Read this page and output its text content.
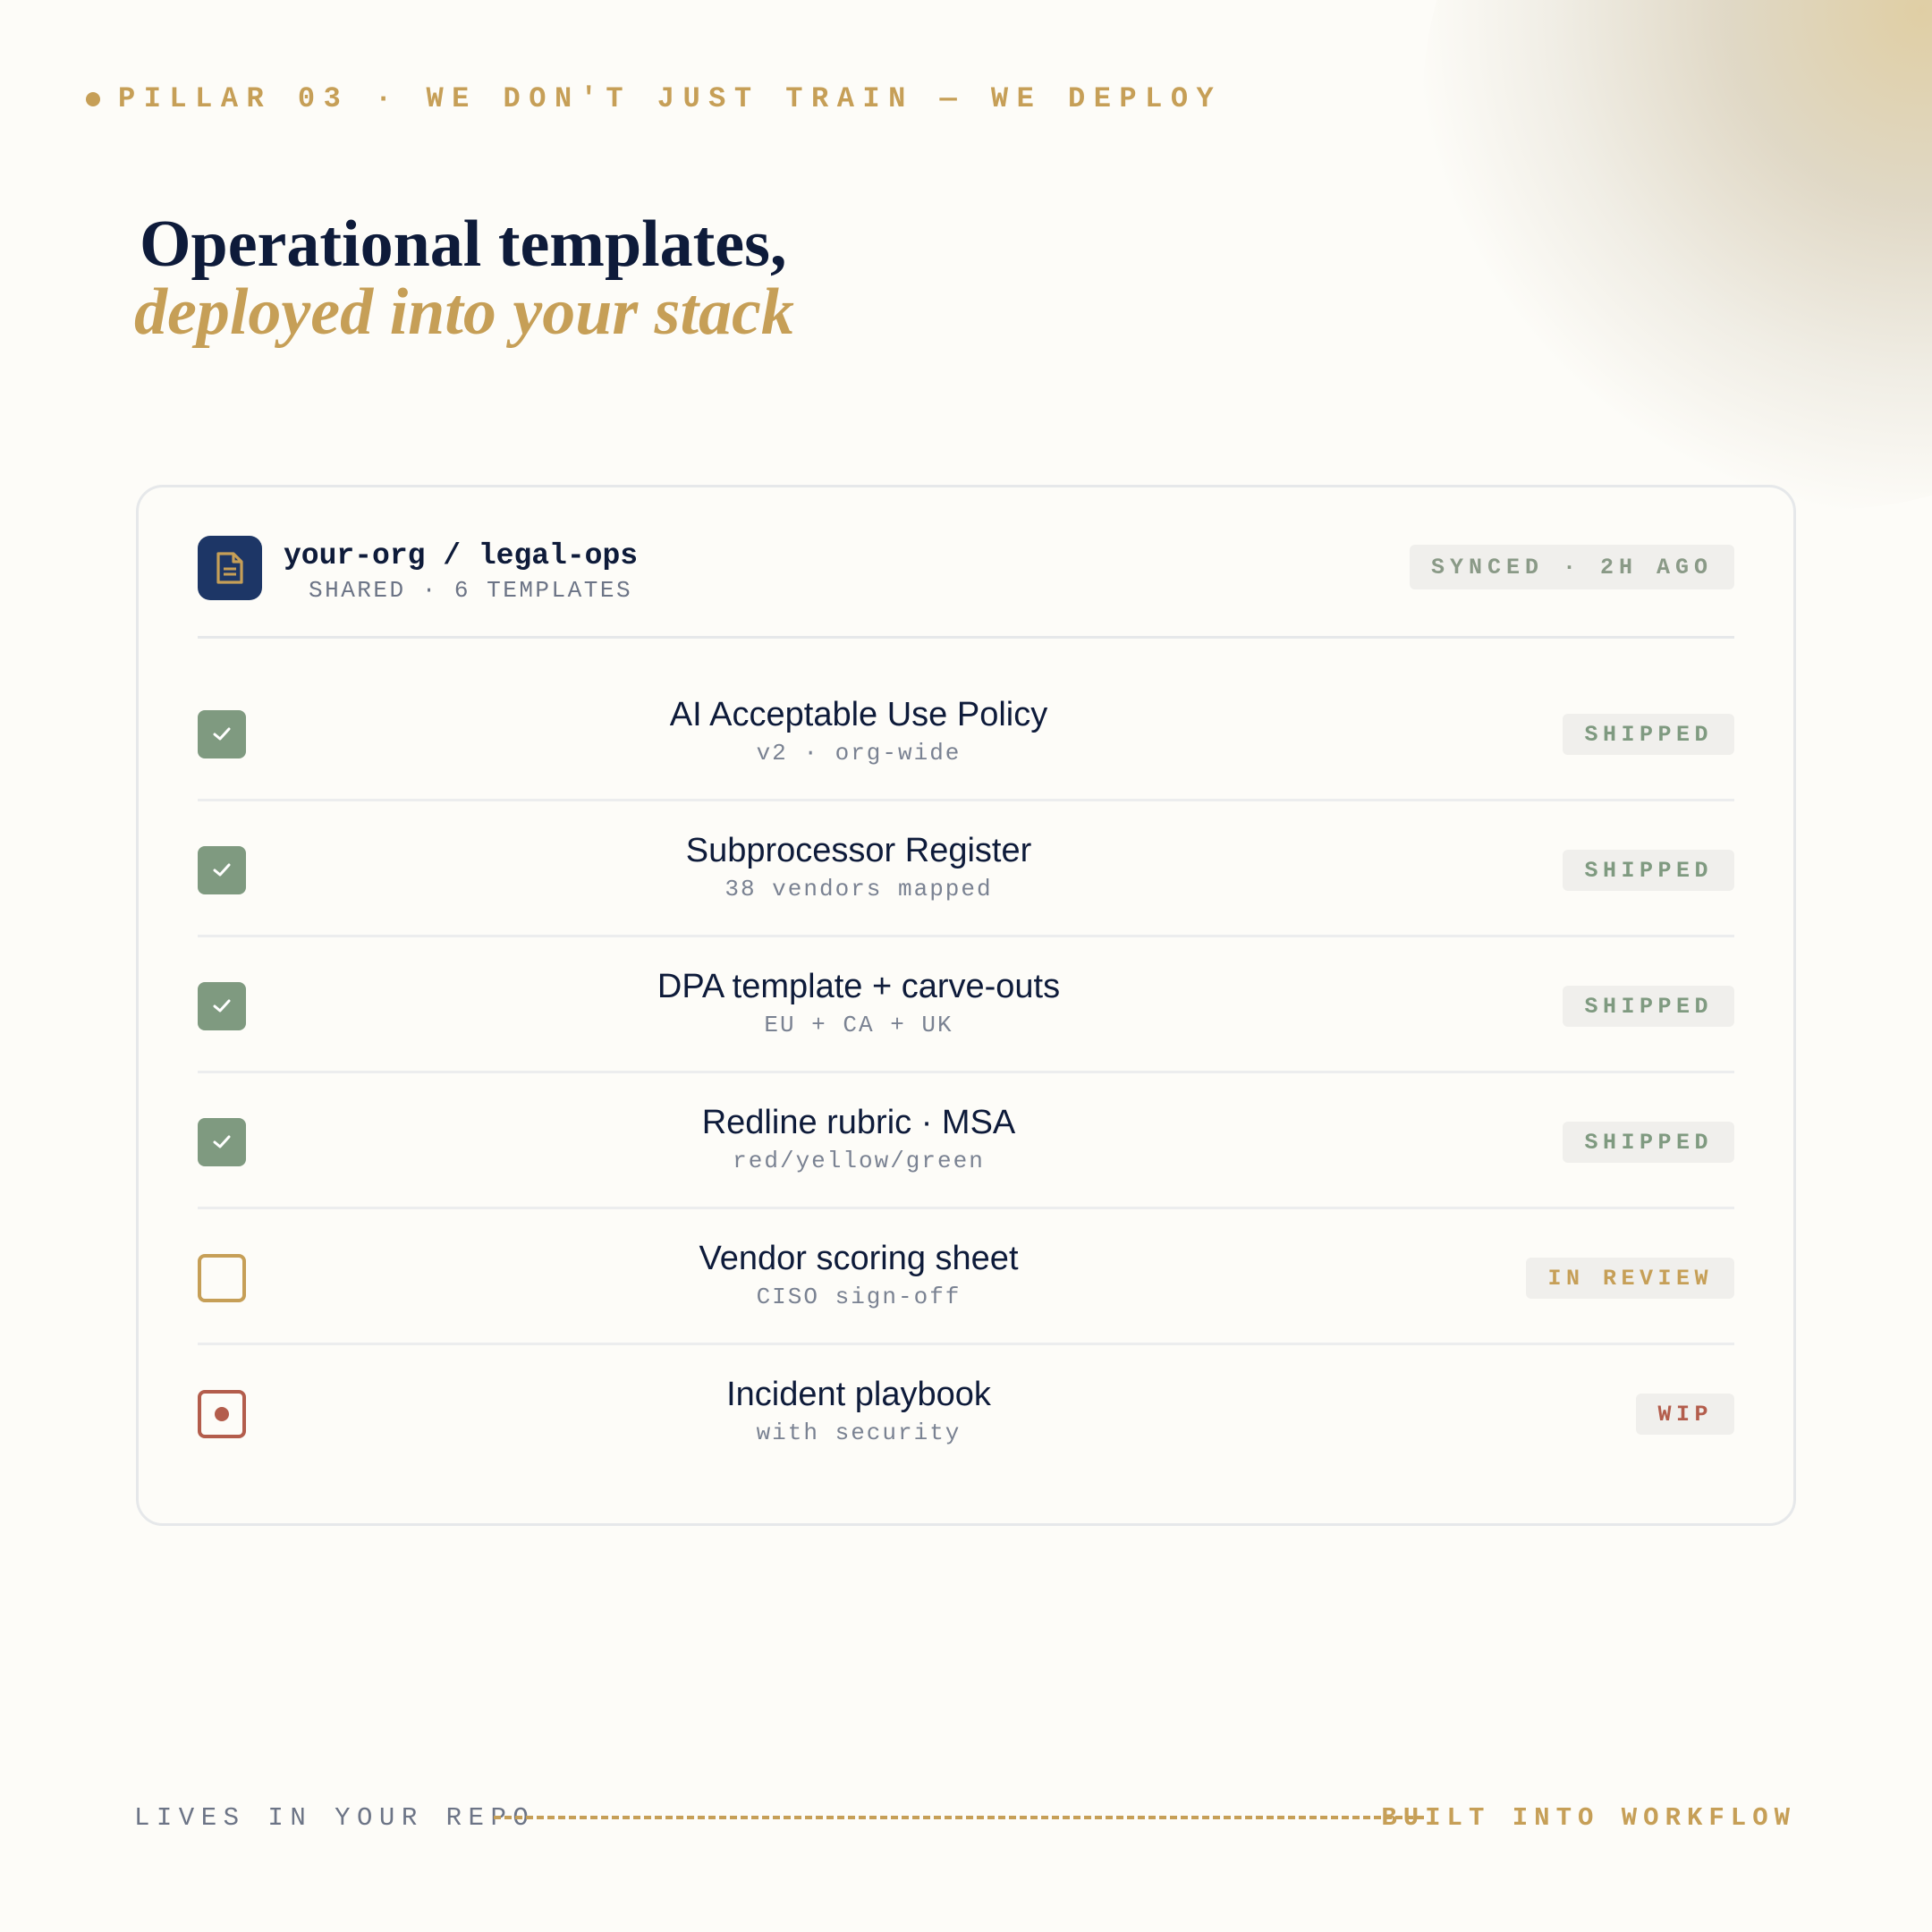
PILLAR 03 · WE DON'T JUST TRAIN — WE DEPLOY
Operational templates,
deployed into your stack
your-org / legal-ops
SHARED · 6 TEMPLATES
SYNCED · 2H AGO
AI Acceptable Use Policy
v2 · org-wide
SHIPPED
Subprocessor Register
38 vendors mapped
SHIPPED
DPA template + carve-outs
EU + CA + UK
SHIPPED
Redline rubric · MSA
red/yellow/green
SHIPPED
Vendor scoring sheet
CISO sign-off
IN REVIEW
Incident playbook
with security
WIP
LIVES IN YOUR REPO	BUILT INTO WORKFLOW
